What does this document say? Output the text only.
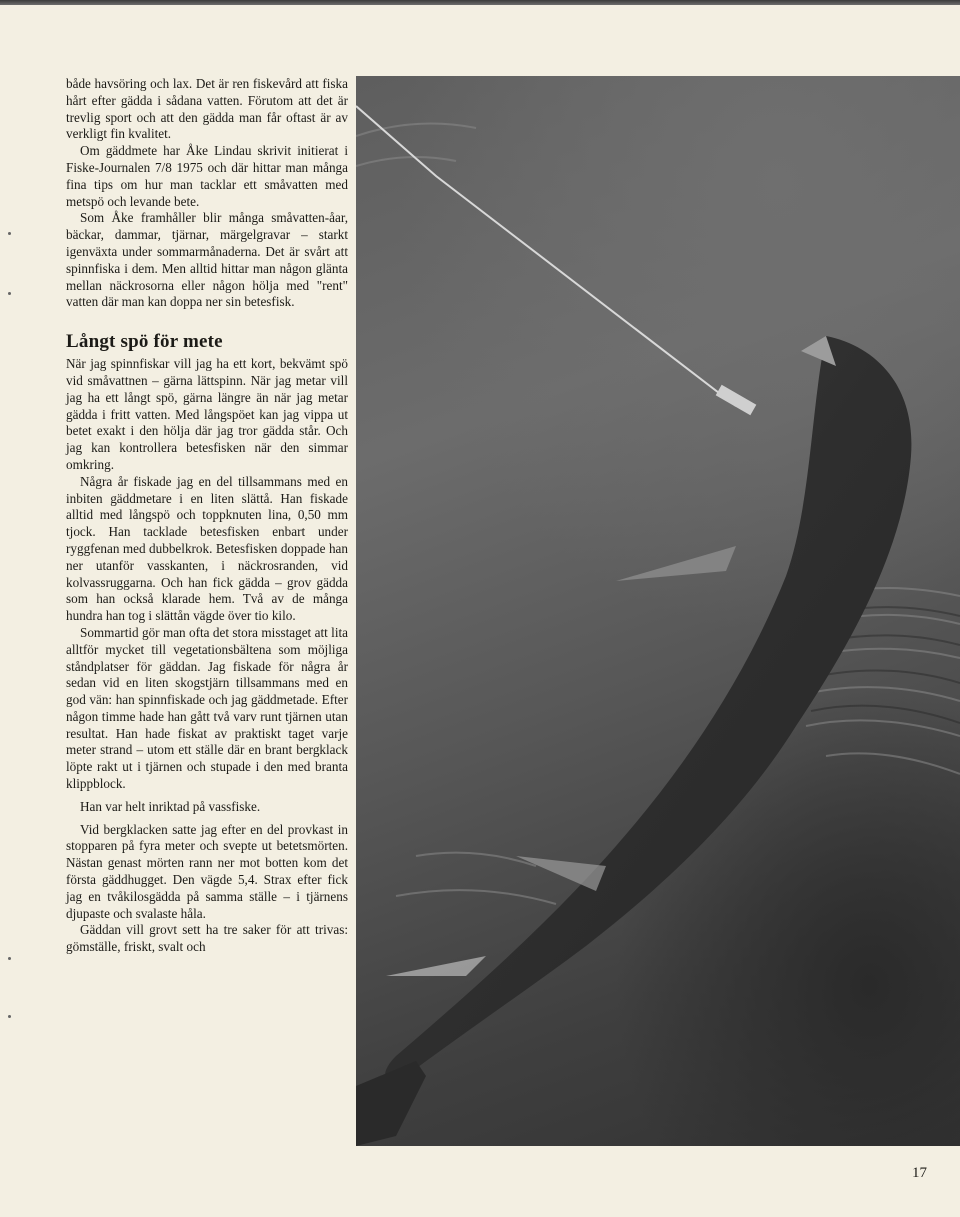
både havsöring och lax. Det är ren fiskevård att fiska hårt efter gädda i sådana vatten. Förutom att det är trevlig sport och att den gädda man får oftast är av verkligt fin kvalitet.

Om gäddmete har Åke Lindau skrivit initierat i Fiske-Journalen 7/8 1975 och där hittar man många fina tips om hur man tacklar ett småvatten med metspö och levande bete.

Som Åke framhåller blir många småvatten-åar, bäckar, dammar, tjärnar, märgelgravar – starkt igenväxta under sommarmånaderna. Det är svårt att spinnfiska i dem. Men alltid hittar man någon glänta mellan näckrosorna eller någon hölja med "rent" vatten där man kan doppa ner sin betesfisk.

Långt spö för mete

När jag spinnfiskar vill jag ha ett kort, bekvämt spö vid småvattnen – gärna lättspinn. När jag metar vill jag ha ett långt spö, gärna längre än när jag metar gädda i fritt vatten. Med långspöet kan jag vippa ut betet exakt i den hölja där jag tror gädda står. Och jag kan kontrollera betesfisken när den simmar omkring.

Några år fiskade jag en del tillsammans med en inbiten gäddmetare i en liten slättå. Han fiskade alltid med långspö och toppknuten lina, 0,50 mm tjock. Han tacklade betesfisken enbart under ryggfenan med dubbelkrok. Betesfisken doppade han ner utanför vasskanten, i näckrosranden, vid kolvassruggarna. Och han fick gädda – grov gädda som han också klarade hem. Två av de många hundra han tog i slättån vägde över tio kilo.

Sommartid gör man ofta det stora misstaget att lita alltför mycket till vegetationsbältena som möjliga ståndplatser för gäddan. Jag fiskade för några år sedan vid en liten skogstjärn tillsammans med en god vän: han spinnfiskade och jag gäddmetade. Efter någon timme hade han gått två varv runt tjärnen utan resultat. Han hade fiskat av praktiskt taget varje meter strand – utom ett ställe där en brant bergklack löpte rakt ut i tjärnen och stupade i den med branta klippblock.

Han var helt inriktad på vassfiske.

Vid bergklacken satte jag efter en del provkast in stopparen på fyra meter och svepte ut betetsmörten. Nästan genast mörten rann ner mot botten kom det första gäddhugget. Den vägde 5,4. Strax efter fick jag en tvåkilosgädda på samma ställe – i tjärnens djupaste och svalaste håla.

Gäddan vill grovt sett ha tre saker för att trivas: gömställe, friskt, svalt och

17
